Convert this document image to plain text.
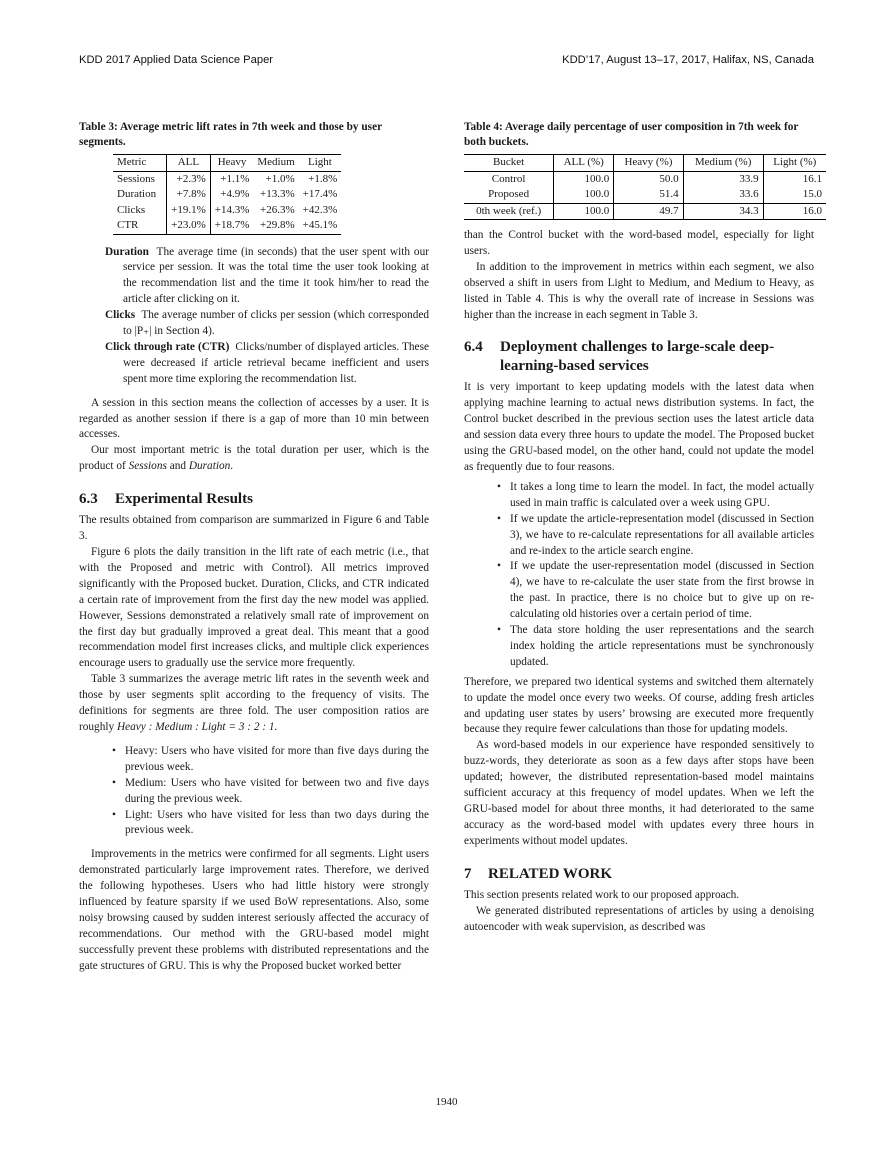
KDD 2017 Applied Data Science Paper	KDD’17, August 13–17, 2017, Halifax, NS, Canada
Table 3: Average metric lift rates in 7th week and those by user segments.
Metric	ALL	Heavy	Medium	Light
Sessions	+2.3%	+1.1%	+1.0%	+1.8%
Duration	+7.8%	+4.9%	+13.3%	+17.4%
Clicks	+19.1%	+14.3%	+26.3%	+42.3%
CTR	+23.0%	+18.7%	+29.8%	+45.1%

Duration The average time (in seconds) that the user spent with our service per session. It was the total time the user took looking at the recommendation list and the time it took him/her to read the article after clicking on it.

Clicks The average number of clicks per session (which corresponded to |P₊| in Section 4).

Click through rate (CTR) Clicks/number of displayed articles. These were decreased if article retrieval became inefficient and users spent more time exploring the recommendation list.

A session in this section means the collection of accesses by a user. It is regarded as another session if there is a gap of more than 10 min between accesses.

Our most important metric is the total duration per user, which is the product of Sessions and Duration.

6.3 Experimental Results

The results obtained from comparison are summarized in Figure 6 and Table 3.

Figure 6 plots the daily transition in the lift rate of each metric (i.e., that with the Proposed and metric with Control). All metrics improved significantly with the Proposed bucket. Duration, Clicks, and CTR indicated a certain rate of improvement from the first day the new model was applied. However, Sessions demonstrated a relatively small rate of improvement on the first day but gradually improved a great deal. This meant that a good recommendation model first increases clicks, and multiple click experiences encourage users to gradually use the service more frequently.

Table 3 summarizes the average metric lift rates in the seventh week and those by user segments split according to the frequency of visits. The definitions for segments are three fold. The user composition ratios are roughly Heavy : Medium : Light = 3 : 2 : 1.

• Heavy: Users who have visited for more than five days during the previous week.
• Medium: Users who have visited for between two and five days during the previous week.
• Light: Users who have visited for less than two days during the previous week.

Improvements in the metrics were confirmed for all segments. Light users demonstrated particularly large improvement rates. Therefore, we derived the following hypotheses. Users who had little history were strongly influenced by feature sparsity if we used BoW representations. Also, some noisy browsing caused by sudden interest seriously affected the accuracy of recommendations. Our method with the GRU-based model might successfully prevent these problems with distributed representations and the gate structures of GRU. This is why the Proposed bucket worked better

Table 4: Average daily percentage of user composition in 7th week for both buckets.
Bucket	ALL (%)	Heavy (%)	Medium (%)	Light (%)
Control	100.0	50.0	33.9	16.1
Proposed	100.0	51.4	33.6	15.0
0th week (ref.)	100.0	49.7	34.3	16.0

than the Control bucket with the word-based model, especially for light users.

In addition to the improvement in metrics within each segment, we also observed a shift in users from Light to Medium, and Medium to Heavy, as listed in Table 4. This is why the overall rate of increase in Sessions was higher than the increase in each segment in Table 3.

6.4 Deployment challenges to large-scale deep-learning-based services

It is very important to keep updating models with the latest data when applying machine learning to actual news distribution systems. In fact, the Control bucket described in the previous section uses the latest article data and session data every three hours to update the model. The Proposed bucket using the GRU-based model, on the other hand, could not update the model as frequently due to four reasons.

• It takes a long time to learn the model. In fact, the model actually used in main traffic is calculated over a week using GPU.
• If we update the article-representation model (discussed in Section 3), we have to re-calculate representations for all available articles and re-index to the article search engine.
• If we update the user-representation model (discussed in Section 4), we have to re-calculate the user state from the first browse in the past. In practice, there is no choice but to give up on re-calculating old histories over a certain period of time.
• The data store holding the user representations and the search index holding the article representations must be synchronously updated.

Therefore, we prepared two identical systems and switched them alternately to update the model once every two weeks. Of course, adding fresh articles and updating user states by users’ browsing are executed more frequently because they require fewer calculations than those for updating models.

As word-based models in our experience have responded sensitively to buzz-words, they deteriorate as soon as a few days after stops have been updated; however, the distributed representation-based model maintains sufficient accuracy at this frequency of model updates. When we left the GRU-based model for about three months, it had deteriorated to the same accuracy as the word-based model with updates every three hours in experiments without model updates.

7 RELATED WORK

This section presents related work to our proposed approach.

We generated distributed representations of articles by using a denoising autoencoder with weak supervision, as described was

1940
